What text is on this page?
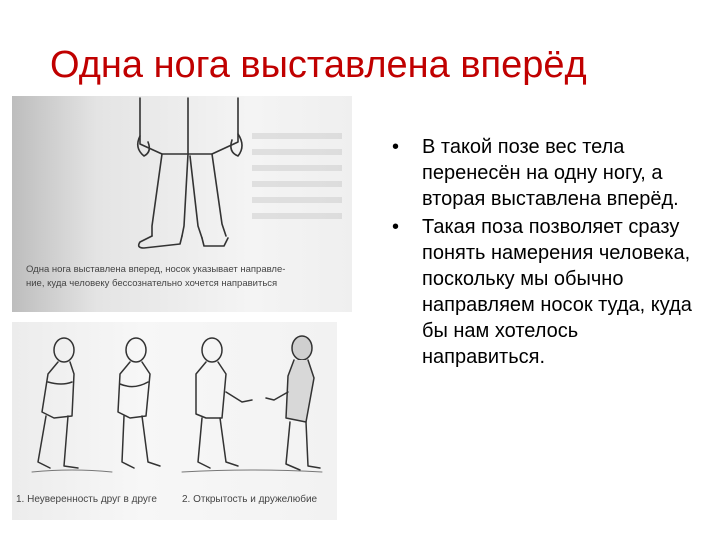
Одна нога выставлена вперёд
Одна нога выставлена вперед, носок указывает направле-
ние, куда человеку бессознательно хочется направиться
1. Неуверенность друг в друге	2. Открытость и дружелюбие
•	В такой позе вес тела перенесён на одну ногу, а вторая выставлена вперёд.
•	Такая поза позволяет сразу понять намерения человека, поскольку мы обычно направляем носок туда, куда бы нам хотелось направиться.
